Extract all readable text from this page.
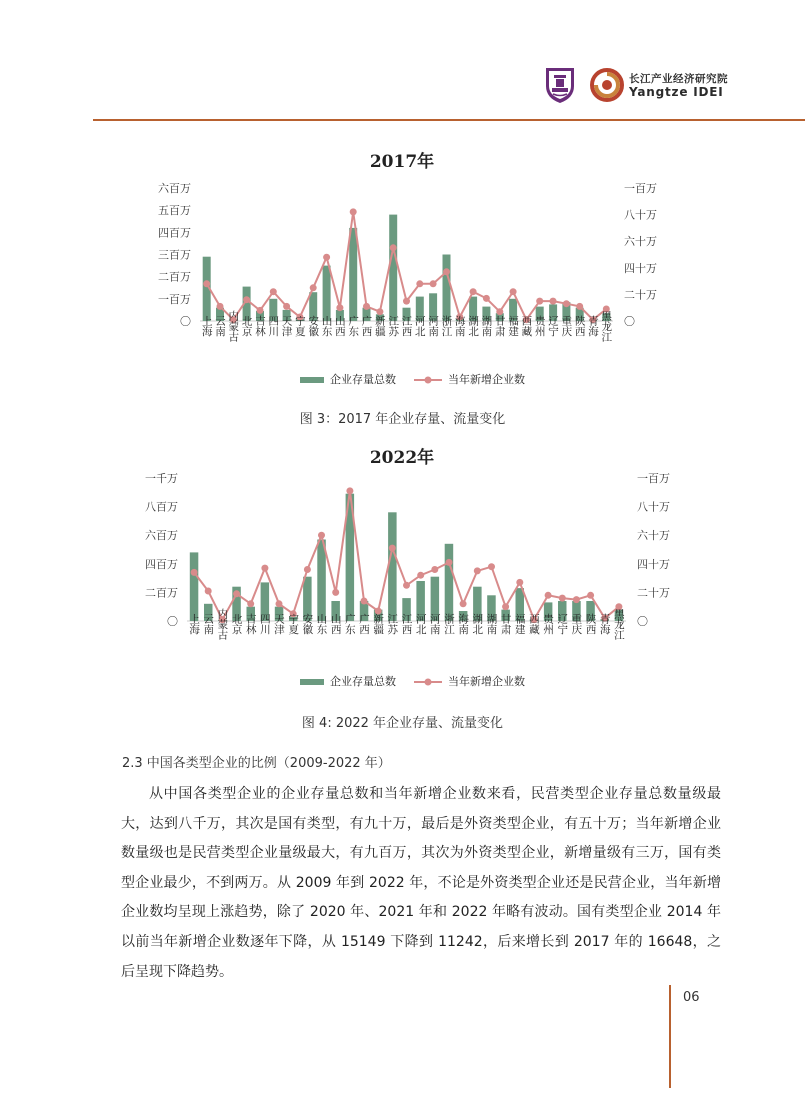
长江产业经济研究院
Yangtze IDEI
2017年
〇
一百万
二百万
三百万
四百万
五百万
六百万
〇
二十万
四十万
六十万
八十万
一百万
上海 云南 内蒙古 北京 吉林 四川 天津 宁夏 安徽 山东 山西 广东 广西 新疆 江苏 江西 河北 河南 浙江 海南 湖北 湖南 甘肃 福建 西藏 贵州 辽宁 重庆 陕西 青海 黑龙江
企业存量总数	当年新增企业数
图 3：2017 年企业存量、流量变化
2022年
〇
二百万
四百万
六百万
八百万
一千万
〇
二十万
四十万
六十万
八十万
一百万
上海 云南 内蒙古 北京 吉林 四川 天津 宁夏 安徽 山东 山西 广东 广西 新疆 江苏 江西 河北 河南 浙江 海南 湖北 湖南 甘肃 福建 西藏 贵州 辽宁 重庆 陕西 青海 黑龙江
企业存量总数	当年新增企业数
图 4: 2022 年企业存量、流量变化
2.3 中国各类型企业的比例（2009-2022 年）

从中国各类型企业的企业存量总数和当年新增企业数来看，民营类型企业存量总数量级最大，达到八千万，其次是国有类型，有九十万，最后是外资类型企业，有五十万；当年新增企业数量级也是民营类型企业量级最大，有九百万，其次为外资类型企业，新增量级有三万，国有类型企业最少，不到两万。从 2009 年到 2022 年，不论是外资类型企业还是民营企业，当年新增企业数均呈现上涨趋势，除了 2020 年、2021 年和 2022 年略有波动。国有类型企业 2014 年以前当年新增企业数逐年下降，从 15149 下降到 11242，后来增长到 2017 年的 16648，之后呈现下降趋势。

06
